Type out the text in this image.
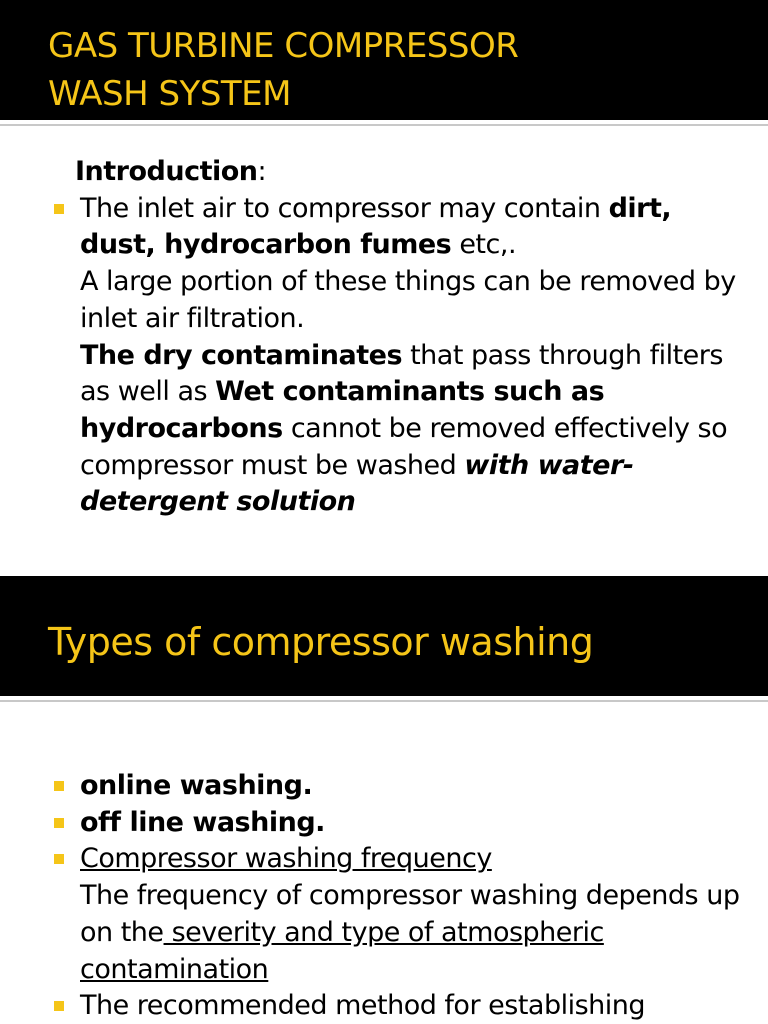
GAS TURBINE COMPRESSOR
WASH SYSTEM
Introduction:
The inlet air to compressor may contain dirt, dust, hydrocarbon fumes etc,.
A large portion of these things can be removed by inlet air filtration.
The dry contaminates that pass through filters as well as Wet contaminants such as hydrocarbons cannot be removed effectively so compressor must be washed with water-detergent solution
Types of compressor washing
online washing.
off line washing.
Compressor washing frequency
The frequency of compressor washing depends up on the severity and type of atmospheric contamination
The recommended method for establishing
